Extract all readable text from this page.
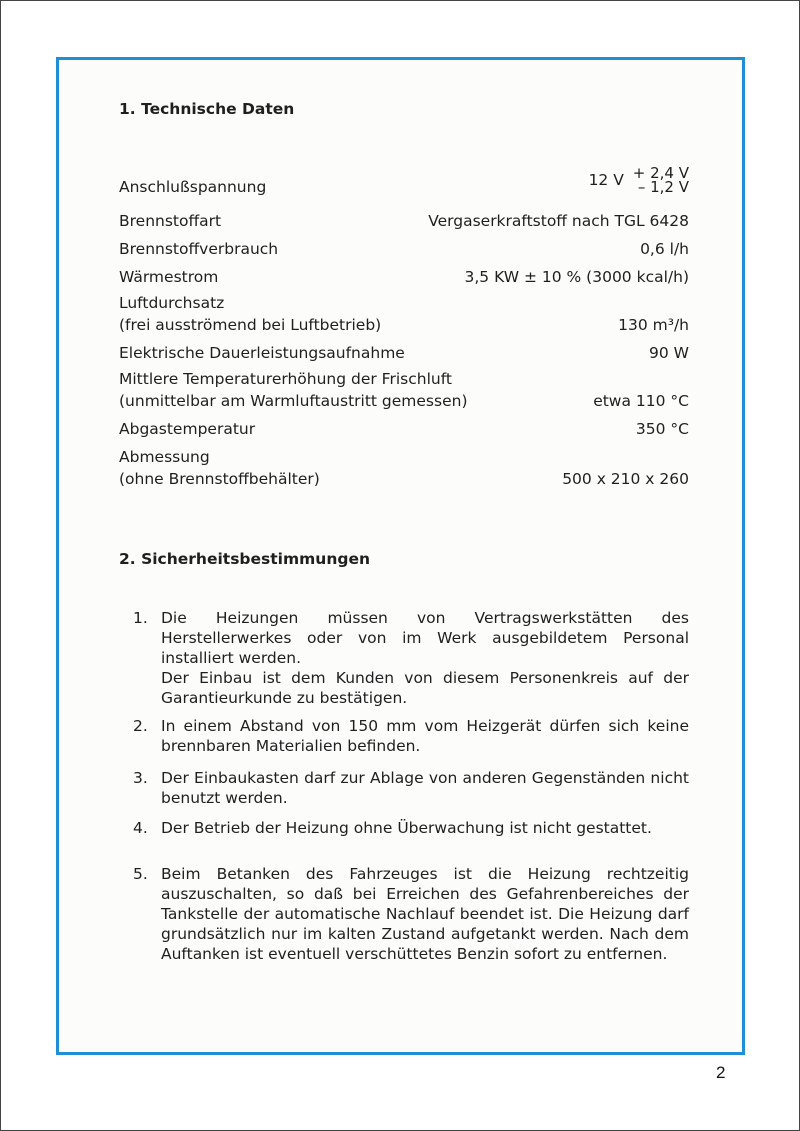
1. Technische Daten
Anschlußspannung	12 V + 2,4 V
– 1,2 V
Brennstoffart	Vergaserkraftstoff nach TGL 6428
Brennstoffverbrauch	0,6 l/h
Wärmestrom	3,5 KW ± 10 % (3000 kcal/h)
Luftdurchsatz
(frei ausströmend bei Luftbetrieb)	130 m³/h
Elektrische Dauerleistungsaufnahme	90 W
Mittlere Temperaturerhöhung der Frischluft
(unmittelbar am Warmluftaustritt gemessen)	etwa 110 °C
Abgastemperatur	350 °C
Abmessung
(ohne Brennstoffbehälter)	500 x 210 x 260
2. Sicherheitsbestimmungen
1. Die Heizungen müssen von Vertragswerkstätten des Herstellerwerkes oder von im Werk ausgebildetem Personal installiert werden.

Der Einbau ist dem Kunden von diesem Personenkreis auf der Garantieurkunde zu bestätigen.

2. In einem Abstand von 150 mm vom Heizgerät dürfen sich keine brennbaren Materialien befinden.

3. Der Einbaukasten darf zur Ablage von anderen Gegenständen nicht benutzt werden.

4. Der Betrieb der Heizung ohne Überwachung ist nicht gestattet.

5. Beim Betanken des Fahrzeuges ist die Heizung rechtzeitig auszuschalten, so daß bei Erreichen des Gefahrenbereiches der Tankstelle der automatische Nachlauf beendet ist. Die Heizung darf grundsätzlich nur im kalten Zustand aufgetankt werden. Nach dem Auftanken ist eventuell verschüttetes Benzin sofort zu entfernen.

2
